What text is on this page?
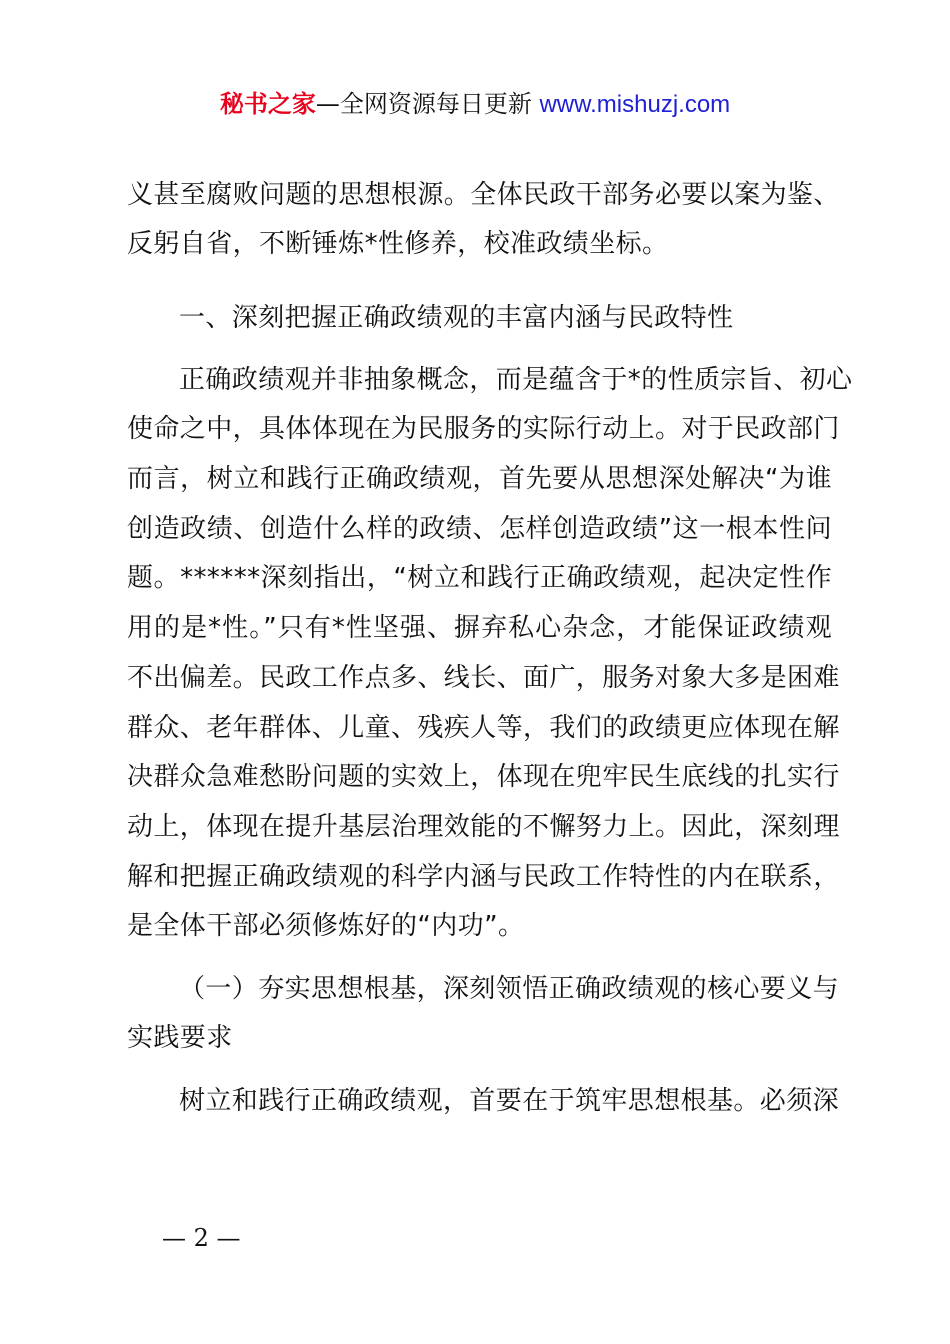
秘书之家—全网资源每日更新 www.mishuzj.com
义甚至腐败问题的思想根源。全体民政干部务必要以案为鉴、
反躬自省，不断锤炼*性修养，校准政绩坐标。
一、深刻把握正确政绩观的丰富内涵与民政特性
正确政绩观并非抽象概念，而是蕴含于*的性质宗旨、初心
使命之中，具体体现在为民服务的实际行动上。对于民政部门
而言，树立和践行正确政绩观，首先要从思想深处解决“为谁
创造政绩、创造什么样的政绩、怎样创造政绩”这一根本性问
题。******深刻指出，“树立和践行正确政绩观，起决定性作
用的是*性。”只有*性坚强、摒弃私心杂念，才能保证政绩观
不出偏差。民政工作点多、线长、面广，服务对象大多是困难
群众、老年群体、儿童、残疾人等，我们的政绩更应体现在解
决群众急难愁盼问题的实效上，体现在兜牢民生底线的扎实行
动上，体现在提升基层治理效能的不懈努力上。因此，深刻理
解和把握正确政绩观的科学内涵与民政工作特性的内在联系，
是全体干部必须修炼好的“内功”。
（一）夯实思想根基，深刻领悟正确政绩观的核心要义与
实践要求
树立和践行正确政绩观，首要在于筑牢思想根基。必须深
— 2 —
